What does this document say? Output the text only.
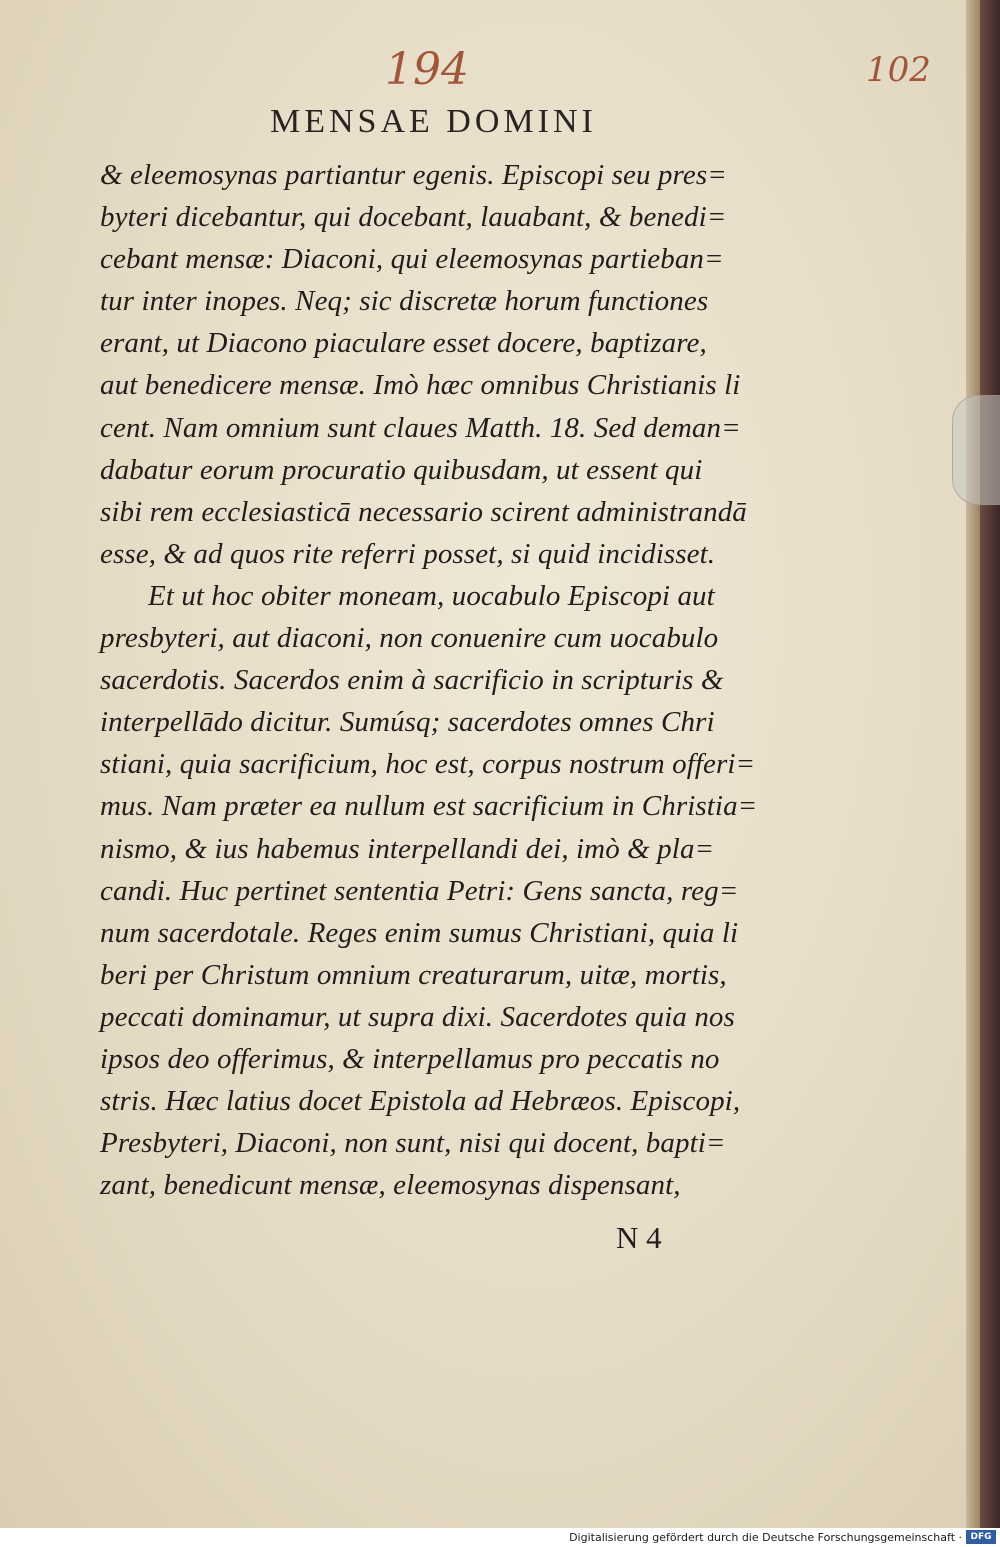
194	102
MENSAE DOMINI
& eleemosynas partiantur egenis. Episcopi seu pres=
byteri dicebantur, qui docebant, lauabant, & benedi=
cebant mensæ: Diaconi, qui eleemosynas partieban=
tur inter inopes. Neq; sic discretæ horum functiones
erant, ut Diacono piaculare esset docere, baptizare,
aut benedicere mensæ. Imò hæc omnibus Christianis li
cent. Nam omnium sunt claues Matth. 18. Sed deman=
dabatur eorum procuratio quibusdam, ut essent qui
sibi rem ecclesiasticā necessario scirent administrandā
esse, & ad quos rite referri posset, si quid incidisset.
Et ut hoc obiter moneam, uocabulo Episcopi aut
presbyteri, aut diaconi, non conuenire cum uocabulo
sacerdotis. Sacerdos enim à sacrificio in scripturis &
interpellādo dicitur. Sumúsq; sacerdotes omnes Chri
stiani, quia sacrificium, hoc est, corpus nostrum offeri=
mus. Nam præter ea nullum est sacrificium in Christia=
nismo, & ius habemus interpellandi dei, imò & pla=
candi. Huc pertinet sententia Petri: Gens sancta, reg=
num sacerdotale. Reges enim sumus Christiani, quia li
beri per Christum omnium creaturarum, uitæ, mortis,
peccati dominamur, ut supra dixi. Sacerdotes quia nos
ipsos deo offerimus, & interpellamus pro peccatis no
stris. Hæc latius docet Epistola ad Hebræos. Episcopi,
Presbyteri, Diaconi, non sunt, nisi qui docent, bapti=
zant, benedicunt mensæ, eleemosynas dispensant,
N 4
Digitalisierung gefördert durch die Deutsche Forschungsgemeinschaft · DFG
